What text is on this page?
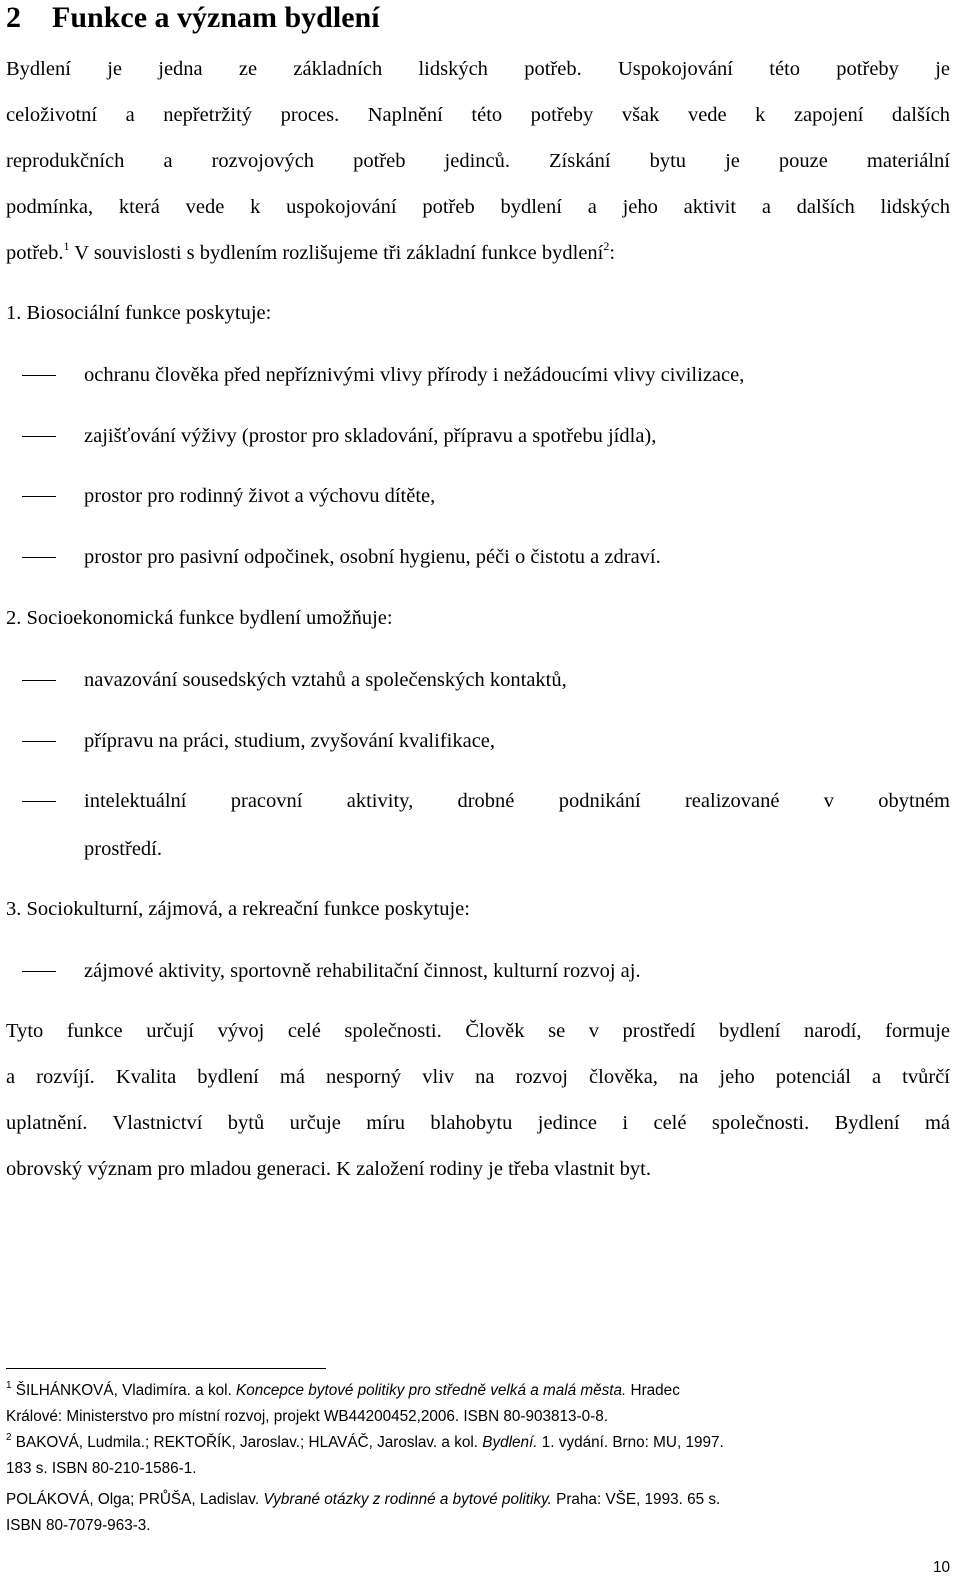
2 Funkce a význam bydlení
Bydlení je jedna ze základních lidských potřeb. Uspokojování této potřeby je
celoživotní a nepřetržitý proces. Naplnění této potřeby však vede k zapojení dalších
reprodukčních a rozvojových potřeb jedinců. Získání bytu je pouze materiální
podmínka, která vede k uspokojování potřeb bydlení a jeho aktivit a dalších lidských
potřeb.$^1$ V souvislosti s bydlením rozlišujeme tři základní funkce bydlení$^2$:
1. Biosociální funkce poskytuje:
ochranu člověka před nepříznivými vlivy přírody i nežádoucími vlivy civilizace,
zajišťování výživy (prostor pro skladování, přípravu a spotřebu jídla),
prostor pro rodinný život a výchovu dítěte,
prostor pro pasivní odpočinek, osobní hygienu, péči o čistotu a zdraví.
2. Socioekonomická funkce bydlení umožňuje:
navazování sousedských vztahů a společenských kontaktů,
přípravu na práci, studium, zvyšování kvalifikace,
intelektuální pracovní aktivity, drobné podnikání realizované v obytném
prostředí.
3. Sociokulturní, zájmová, a rekreační funkce poskytuje:
zájmové aktivity, sportovně rehabilitační činnost, kulturní rozvoj aj.
Tyto funkce určují vývoj celé společnosti. Člověk se v prostředí bydlení narodí, formuje
a rozvíjí. Kvalita bydlení má nesporný vliv na rozvoj člověka, na jeho potenciál a tvůrčí
uplatnění. Vlastnictví bytů určuje míru blahobytu jedince i celé společnosti. Bydlení má
obrovský význam pro mladou generaci. K založení rodiny je třeba vlastnit byt.
$^1$ ŠILHÁNKOVÁ, Vladimíra. a kol. Koncepce bytové politiky pro středně velká a malá města. Hradec
Králové: Ministerstvo pro místní rozvoj, projekt WB44200452,2006. ISBN 80-903813-0-8.
$^2$ BAKOVÁ, Ludmila.; REKTOŘÍK, Jaroslav.; HLAVÁČ, Jaroslav. a kol. Bydlení. 1. vydání. Brno: MU, 1997.
183 s. ISBN 80-210-1586-1.
POLÁKOVÁ, Olga; PRŮŠA, Ladislav. Vybrané otázky z rodinné a bytové politiky. Praha: VŠE, 1993. 65 s.
ISBN 80-7079-963-3.
10
